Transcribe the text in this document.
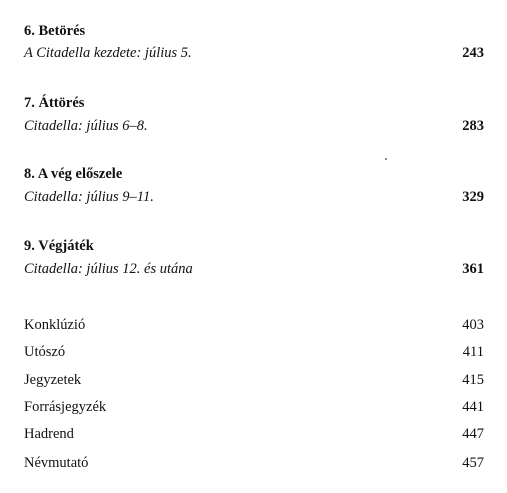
6. Betörés
A Citadella kezdete: július 5.	243
7. Áttörés
Citadella: július 6–8.	283
8. A vég előszele
Citadella: július 9–11.	329
9. Végjáték
Citadella: július 12. és utána	361
Konklúzió	403
Utószó	411
Jegyzetek	415
Forrásjegyzék	441
Hadrend	447
Névmutató	457
